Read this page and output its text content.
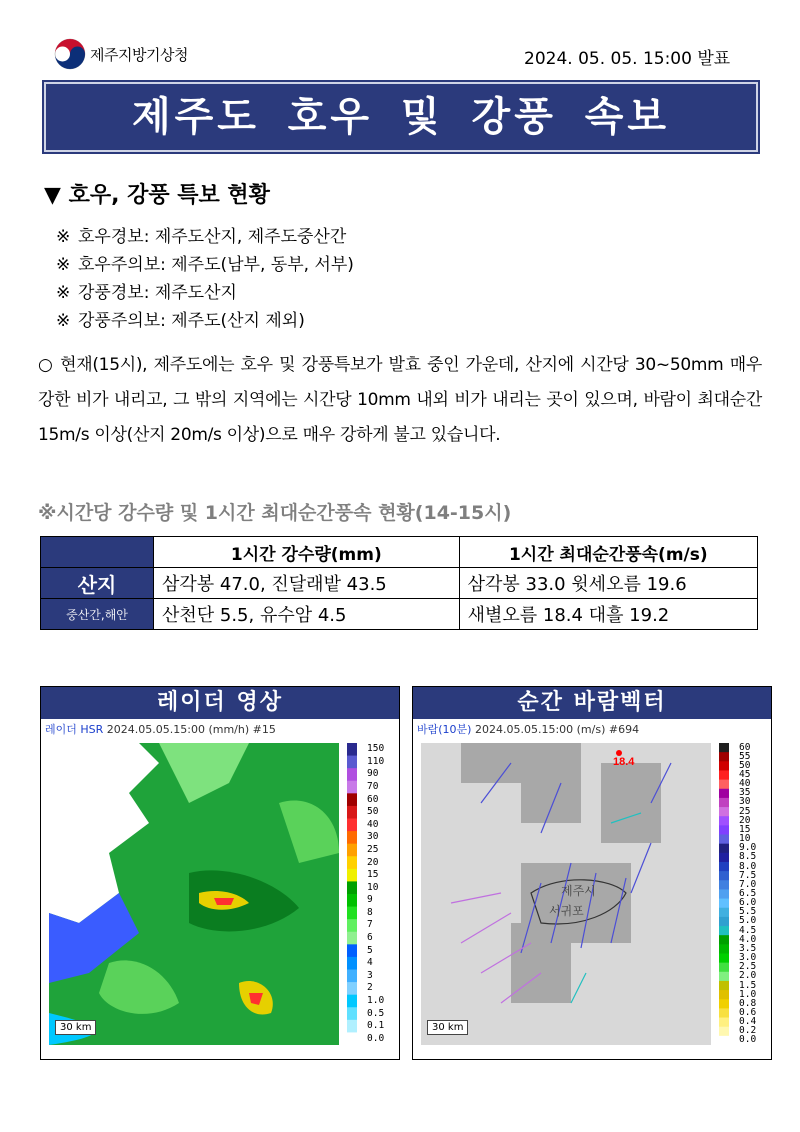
제주지방기상청	2024. 05. 05. 15:00 발표
제주도 호우 및 강풍 속보
▼ 호우, 강풍 특보 현황
※ 호우경보: 제주도산지, 제주도중산간
※ 호우주의보: 제주도(남부, 동부, 서부)
※ 강풍경보: 제주도산지
※ 강풍주의보: 제주도(산지 제외)
○ 현재(15시), 제주도에는 호우 및 강풍특보가 발효 중인 가운데, 산지에 시간당 30~50mm 매우 강한 비가 내리고, 그 밖의 지역에는 시간당 10mm 내외 비가 내리는 곳이 있으며, 바람이 최대순간 15m/s 이상(산지 20m/s 이상)으로 매우 강하게 불고 있습니다.
※시간당 강수량 및 1시간 최대순간풍속 현황(14-15시)
	1시간 강수량(mm)	1시간 최대순간풍속(m/s)
산지	삼각봉 47.0, 진달래밭 43.5	삼각봉 33.0 윗세오름 19.6
중산간,해안	산천단 5.5, 유수암 4.5	새별오름 18.4 대흘 19.2
레이더 영상
레이더 HSR 2024.05.05.15:00 (mm/h) #15
30 km
150
110
90
70
60
50
40
30
25
20
15
10
9
8
7
6
5
4
3
2
1.0
0.5
0.1
0.0
순간 바람벡터
바람(10분) 2024.05.05.15:00 (m/s) #694
18.4
제주시
서귀포
30 km
60
55
50
45
40
35
30
25
20
15
10
9.0
8.5
8.0
7.5
7.0
6.5
6.0
5.5
5.0
4.5
4.0
3.5
3.0
2.5
2.0
1.5
1.0
0.8
0.6
0.4
0.2
0.0
